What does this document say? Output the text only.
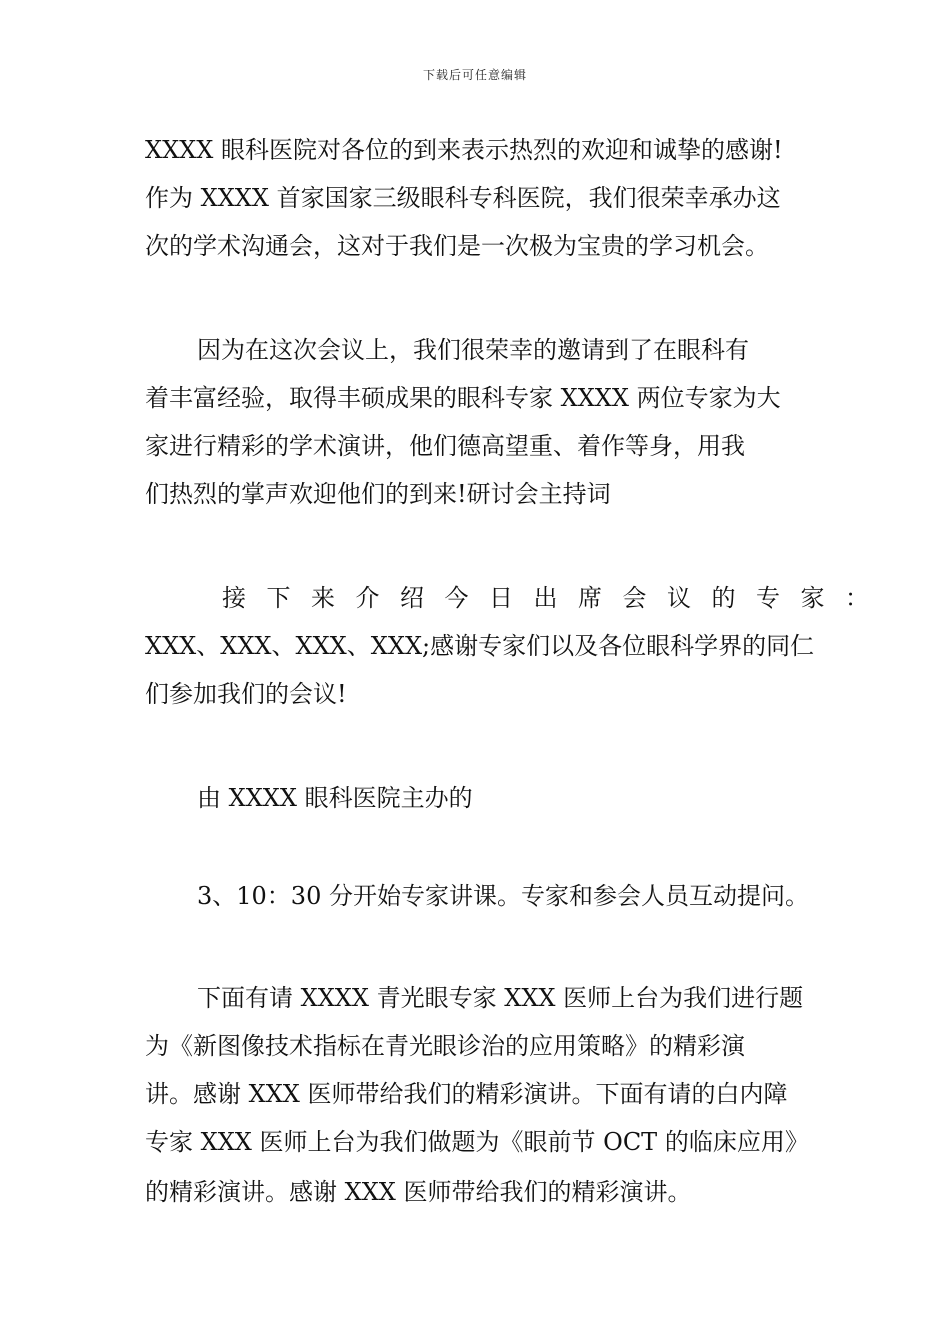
下载后可任意编辑
XXXX 眼科医院对各位的到来表示热烈的欢迎和诚挚的感谢!
作为 XXXX 首家国家三级眼科专科医院，我们很荣幸承办这
次的学术沟通会，这对于我们是一次极为宝贵的学习机会。
因为在这次会议上，我们很荣幸的邀请到了在眼科有
着丰富经验，取得丰硕成果的眼科专家 XXXX 两位专家为大
家进行精彩的学术演讲，他们德高望重、着作等身，用我
们热烈的掌声欢迎他们的到来!研讨会主持词
接下来介绍今日出席会议的专家：
XXX、XXX、XXX、XXX;感谢专家们以及各位眼科学界的同仁
们参加我们的会议!
由 XXXX 眼科医院主办的
3、10：30 分开始专家讲课。专家和参会人员互动提问。
下面有请 XXXX 青光眼专家 XXX 医师上台为我们进行题
为《新图像技术指标在青光眼诊治的应用策略》的精彩演
讲。感谢 XXX 医师带给我们的精彩演讲。下面有请的白内障
专家 XXX 医师上台为我们做题为《眼前节 OCT 的临床应用》
的精彩演讲。感谢 XXX 医师带给我们的精彩演讲。
